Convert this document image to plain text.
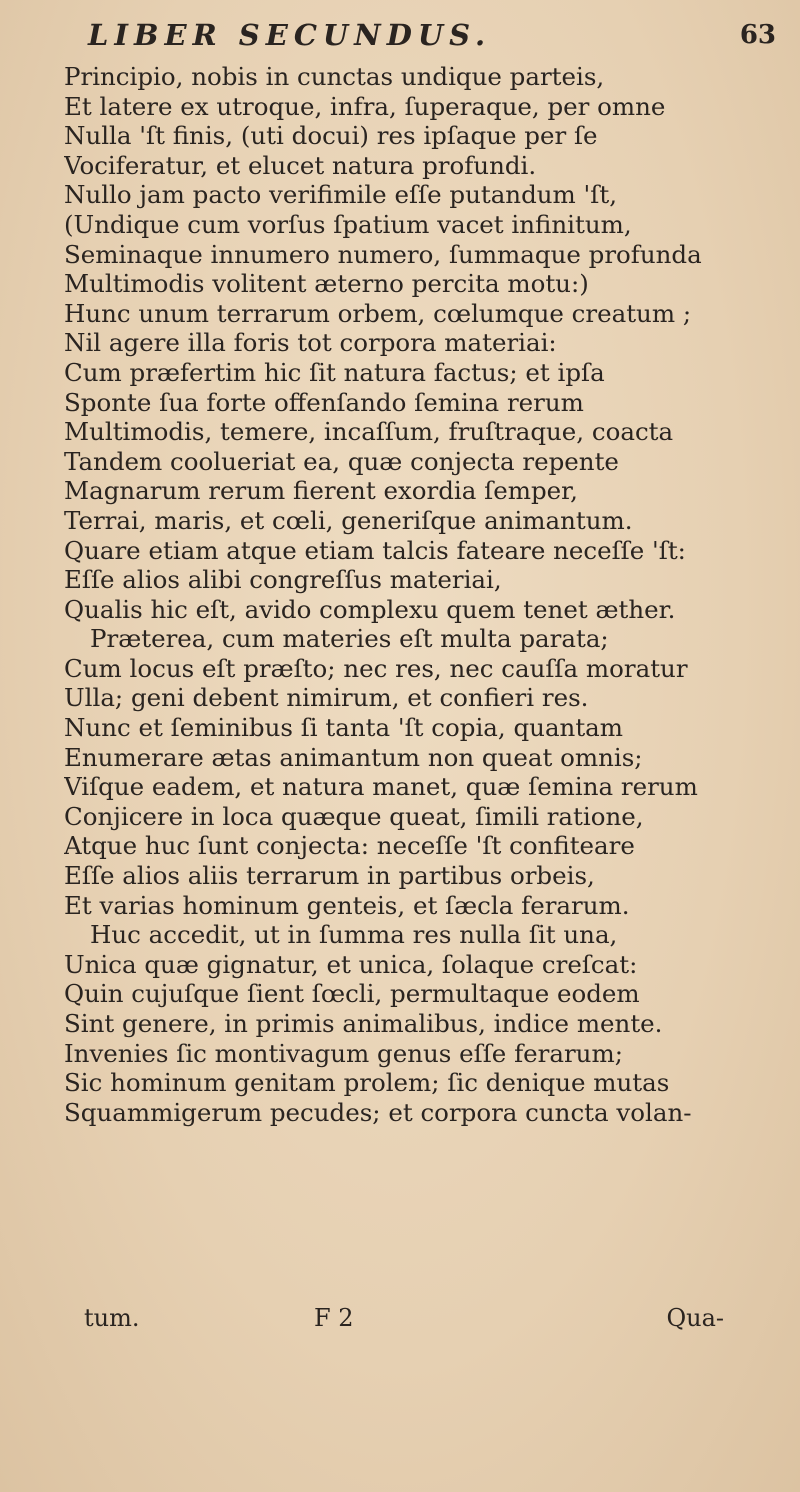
LIBER SECUNDUS.	63
Principio, nobis in cunctas undique parteis,
Et latere ex utroque, infra, ſuperaque, per omne
Nulla 'ſt finis, (uti docui) res ipſaque per ſe
Vociferatur, et elucet natura profundi.
Nullo jam pacto verifimile eſſe putandum 'ſt,
(Undique cum vorſus ſpatium vacet infinitum,
Seminaque innumero numero, ſummaque profunda
Multimodis volitent æterno percita motu:)
Hunc unum terrarum orbem, cœlumque creatum ;
Nil agere illa foris tot corpora materiai:
Cum præfertim hic ſit natura factus; et ipſa
Sponte ſua forte offenſando ſemina rerum
Multimodis, temere, incaſſum, fruſtraque, coacta
Tandem coolueriat ea, quæ conjecta repente
Magnarum rerum fierent exordia ſemper,
Terrai, maris, et cœli, generiſque animantum.
Quare etiam atque etiam talcis fateare neceſſe 'ſt:
Eſſe alios alibi congreſſus materiai,
Qualis hic eſt, avido complexu quem tenet æther.
Præterea, cum materies eſt multa parata;
Cum locus eſt præſto; nec res, nec cauſſa moratur
Ulla; geni debent nimirum, et confieri res.
Nunc et ſeminibus ſi tanta 'ſt copia, quantam
Enumerare ætas animantum non queat omnis;
Viſque eadem, et natura manet, quæ ſemina rerum
Conjicere in loca quæque queat, ſimili ratione,
Atque huc ſunt conjecta: neceſſe 'ſt confiteare
Eſſe alios aliis terrarum in partibus orbeis,
Et varias hominum genteis, et ſæcla ferarum.
Huc accedit, ut in ſumma res nulla ſit una,
Unica quæ gignatur, et unica, ſolaque creſcat:
Quin cujuſque ſient ſœcli, permultaque eodem
Sint genere, in primis animalibus, indice mente.
Invenies ſic montivagum genus eſſe ferarum;
Sic hominum genitam prolem; ſic denique mutas
Squammigerum pecudes; et corpora cuncta volan-
tum.	F 2	Qua-
